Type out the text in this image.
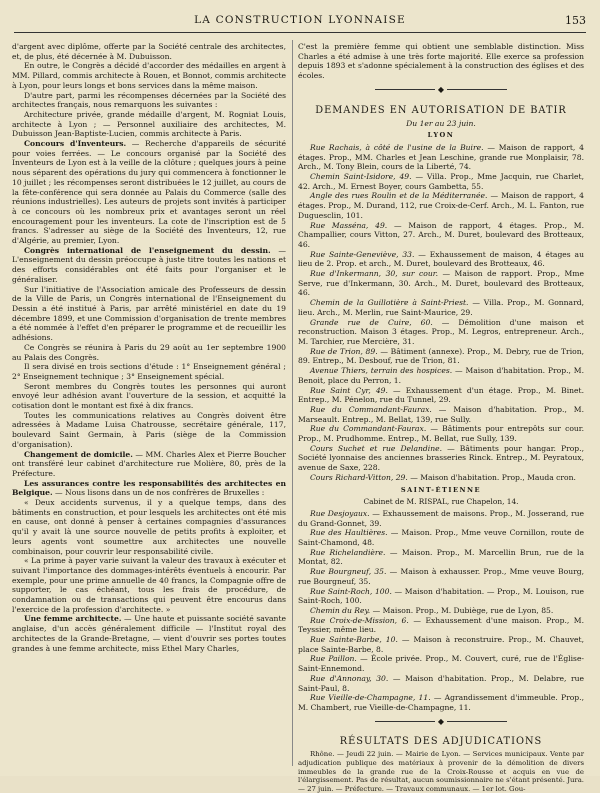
LA CONSTRUCTION LYONNAISE	153

d'argent avec diplôme, offerte par la Société centrale des architectes, et, de plus, été décernée à M. Dubuisson.

En outre, le Congrès a décidé d'accorder des médailles en argent à MM. Pillard, commis architecte à Rouen, et Bonnot, commis architecte à Lyon, pour leurs longs et bons services dans la même maison.

D'autre part, parmi les récompenses décernées par la Société des architectes français, nous remarquons les suivantes :

Architecture privée, grande médaille d'argent, M. Rogniat Louis, architecte à Lyon ; — Personnel auxiliaire des architectes, M. Dubuisson Jean-Baptiste-Lucien, commis architecte à Paris.

Concours d'Inventeurs. — Recherche d'appareils de sécurité pour voies ferrées. — Le concours organisé par la Société des Inventeurs de Lyon est à la veille de la clôture ; quelques jours à peine nous séparent des opérations du jury qui commencera à fonctionner le 10 juillet ; les récompenses seront distribuées le 12 juillet, au cours de la fête-conférence qui sera donnée au Palais du Commerce (salle des réunions industrielles). Les auteurs de projets sont invités à participer à ce concours où les nombreux prix et avantages seront un réel encouragement pour les inventeurs. La cote de l'inscription est de 5 francs. S'adresser au siège de la Société des Inventeurs, 12, rue d'Algérie, au premier, Lyon.

Congrès international de l'enseignement du dessin. — L'enseignement du dessin préoccupe à juste titre toutes les nations et des efforts considérables ont été faits pour l'organiser et le généraliser.

Sur l'initiative de l'Association amicale des Professeurs de dessin de la Ville de Paris, un Congrès international de l'Enseignement du Dessin a été institué à Paris, par arrêté ministériel en date du 19 décembre 1899, et une Commission d'organisation de trente membres a été nommée à l'effet d'en préparer le programme et de recueillir les adhésions.

Ce Congrès se réunira à Paris du 29 août au 1er septembre 1900 au Palais des Congrès.

Il sera divisé en trois sections d'étude : 1° Enseignement général ; 2° Enseignement technique ; 3° Enseignement spécial.

Seront membres du Congrès toutes les personnes qui auront envoyé leur adhésion avant l'ouverture de la session, et acquitté la cotisation dont le montant est fixé à dix francs.

Toutes les communications relatives au Congrès doivent être adressées à Madame Luisa Chatrousse, secrétaire générale, 117, boulevard Saint Germain, à Paris (siège de la Commission d'organisation).

Changement de domicile. — MM. Charles Alex et Pierre Boucher ont transféré leur cabinet d'architecture rue Molière, 80, près de la Préfecture.

Les assurances contre les responsabilités des architectes en Belgique. — Nous lisons dans un de nos confrères de Bruxelles :

« Deux accidents survenus, il y a quelque temps, dans des bâtiments en construction, et pour lesquels les architectes ont été mis en cause, ont donné à penser à certaines compagnies d'assurances qu'il y avait là une source nouvelle de petits profits à exploiter, et leurs agents vont soumettre aux architectes une nouvelle combinaison, pour couvrir leur responsabilité civile.

« La prime à payer varie suivant la valeur des travaux à exécuter et suivant l'importance des dommages-intérêts éventuels à encourir. Par exemple, pour une prime annuelle de 40 francs, la Compagnie offre de supporter, le cas échéant, tous les frais de procédure, de condamnation ou de transactions qui peuvent être encourus dans l'exercice de la profession d'architecte. »

Une femme architecte. — Une haute et puissante société savante anglaise, d'un accès généralement difficile — l'Institut royal des architectes de la Grande-Bretagne, — vient d'ouvrir ses portes toutes grandes à une femme architecte, miss Ethel Mary Charles,

C'est la première femme qui obtient une semblable distinction. Miss Charles a été admise à une très forte majorité. Elle exerce sa profession depuis 1893 et s'adonne spécialement à la construction des églises et des écoles.

◆
DEMANDES EN AUTORISATION DE BATIR
Du 1er au 23 juin.
LYON

Rue Rachais, à côté de l'usine de la Buire. — Maison de rapport, 4 étages. Prop., MM. Charles et Jean Leschine, grande rue Monplaisir, 78. Arch., M. Tony Blein, cours de la Liberté, 74.

Chemin Saint-Isidore, 49. — Villa. Prop., Mme Jacquin, rue Charlet, 42. Arch., M. Ernest Boyer, cours Gambetta, 55.

Angle des rues Roulin et de la Méditerranée. — Maison de rapport, 4 étages. Prop., M. Durand, 112, rue Croix-de-Cerf. Arch., M. L. Fanton, rue Duguesclin, 101.

Rue Masséna, 49. — Maison de rapport, 4 étages. Prop., M. Champallier, cours Vitton, 27. Arch., M. Duret, boulevard des Brotteaux, 46.

Rue Sainte-Geneviève, 33. — Exhaussement de maison, 4 étages au lieu de 2. Prop. et arch., M. Duret, boulevard des Brotteaux, 46.

Rue d'Inkermann, 30, sur cour. — Maison de rapport. Prop., Mme Serve, rue d'Inkermann, 30. Arch., M. Duret, boulevard des Brotteaux, 46.

Chemin de la Guillotière à Saint-Priest. — Villa. Prop., M. Gonnard, lieu. Arch., M. Merlin, rue Saint-Maurice, 29.

Grande rue de Cuire, 60. — Démolition d'une maison et reconstruction. Maison 3 étages. Prop., M. Legros, entrepreneur. Arch., M. Tarchier, rue Mercière, 31.

Rue de Trion, 89. — Bâtiment (annexe). Prop., M. Debry, rue de Trion, 89. Entrep., M. Desbouf, rue de Trion, 81.

Avenue Thiers, terrain des hospices. — Maison d'habitation. Prop., M. Benoit, place du Perron, 1.

Rue Saint Cyr, 49. — Exhaussement d'un étage. Prop., M. Binet. Entrep., M. Pénelon, rue du Tunnel, 29.

Rue du Commandant-Faurax. — Maison d'habitation. Prop., M. Marseault. Entrep., M. Bellat, 139, rue Sully.

Rue du Commandant-Faurax. — Bâtiments pour entrepôts sur cour. Prop., M. Prudhomme. Entrep., M. Bellat, rue Sully, 139.

Cours Suchet et rue Delandine. — Bâtiments pour hangar. Prop., Société lyonnaise des anciennes brasseries Rinck. Entrep., M. Peyratoux, avenue de Saxe, 228.

Cours Richard-Vitton, 29. — Maison d'habitation. Prop., Mauda cron.

SAINT-ÉTIENNE
Cabinet de M. RISPAL, rue Chapelon, 14.

Rue Desjoyaux. — Exhaussement de maisons. Prop., M. Josserand, rue du Grand-Gonnet, 39.

Rue des Haultières. — Maison. Prop., Mme veuve Cornillon, route de Saint-Chamond, 48.

Rue Richelandière. — Maison. Prop., M. Marcellin Brun, rue de la Montat, 82.

Rue Bourgneuf, 35. — Maison à exhausser. Prop., Mme veuve Bourg, rue Bourgneuf, 35.

Rue Saint-Roch, 100. — Maison d'habitation. — Prop., M. Louison, rue Saint-Roch, 100.

Chemin du Rey. — Maison. Prop., M. Dubiège, rue de Lyon, 85.

Rue Croix-de-Mission, 6. — Exhaussement d'une maison. Prop., M. Teyssier, même lieu.

Rue Sainte-Barbe, 10. — Maison à reconstruire. Prop., M. Chauvet, place Sainte-Barbe, 8.

Rue Paillon. — École privée. Prop., M. Couvert, curé, rue de l'Église-Saint-Ennemond.

Rue d'Annonay, 30. — Maison d'habitation. Prop., M. Delabre, rue Saint-Paul, 8.

Rue Vieille-de-Champagne, 11. — Agrandissement d'immeuble. Prop., M. Chambert, rue Vieille-de-Champagne, 11.

◆
RÉSULTATS DES ADJUDICATIONS

Rhône. — Jeudi 22 juin. — Mairie de Lyon. — Services municipaux. Vente par adjudication publique des matériaux à provenir de la démolition de divers immeubles de la grande rue de la Croix-Rousse et acquis en vue de l'élargissement. Pas de résultat, aucun soumissionnaire ne s'étant présenté. Jura. — 27 juin. — Préfecture. — Travaux communaux. — 1er lot. Gou-
